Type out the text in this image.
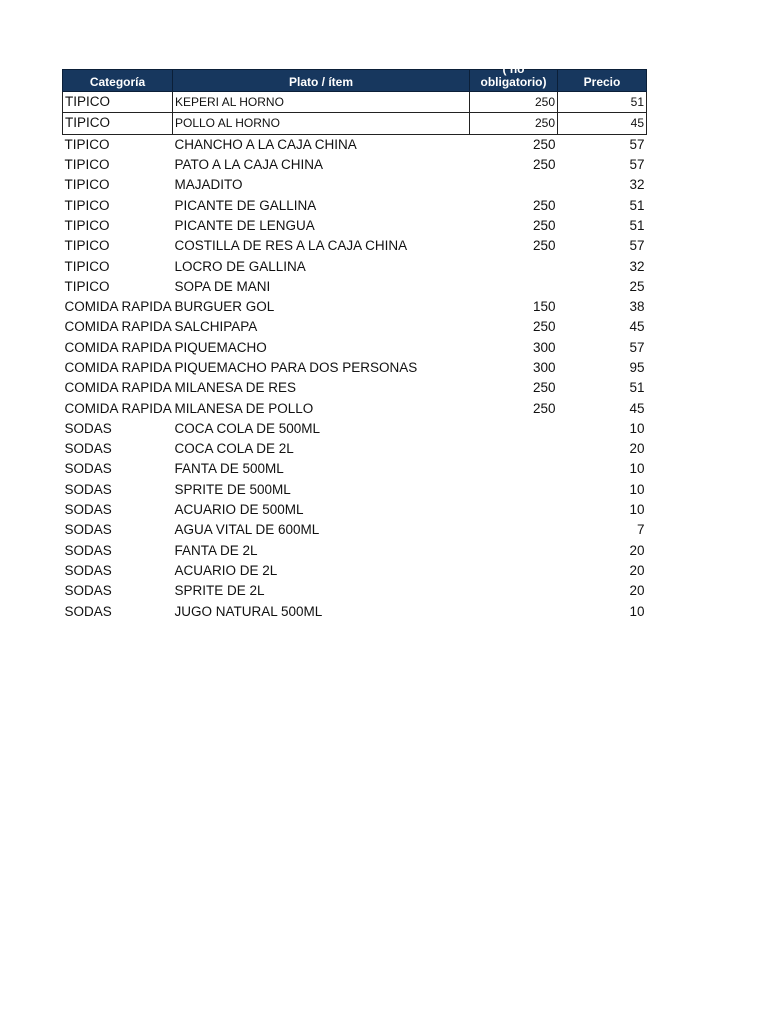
Categoría	Plato / ítem	( no
obligatorio)	Precio

TIPICO	KEPERI AL HORNO	250	51
TIPICO	POLLO AL HORNO	250	45
TIPICO	CHANCHO A LA CAJA CHINA	250	57
TIPICO	PATO A LA CAJA CHINA	250	57
TIPICO	MAJADITO		32
TIPICO	PICANTE DE GALLINA	250	51
TIPICO	PICANTE DE LENGUA	250	51
TIPICO	COSTILLA DE RES A LA CAJA CHINA	250	57
TIPICO	LOCRO DE GALLINA		32
TIPICO	SOPA DE MANI		25
COMIDA RAPIDA	BURGUER GOL	150	38
COMIDA RAPIDA	SALCHIPAPA	250	45
COMIDA RAPIDA	PIQUEMACHO	300	57
COMIDA RAPIDA	PIQUEMACHO PARA DOS PERSONAS	300	95
COMIDA RAPIDA	MILANESA DE RES	250	51
COMIDA RAPIDA	MILANESA DE POLLO	250	45
SODAS	COCA COLA DE 500ML		10
SODAS	COCA COLA DE 2L		20
SODAS	FANTA DE 500ML		10
SODAS	SPRITE DE 500ML		10
SODAS	ACUARIO DE 500ML		10
SODAS	AGUA VITAL DE 600ML		7
SODAS	FANTA DE 2L		20
SODAS	ACUARIO DE 2L		20
SODAS	SPRITE DE 2L		20
SODAS	JUGO NATURAL 500ML		10
